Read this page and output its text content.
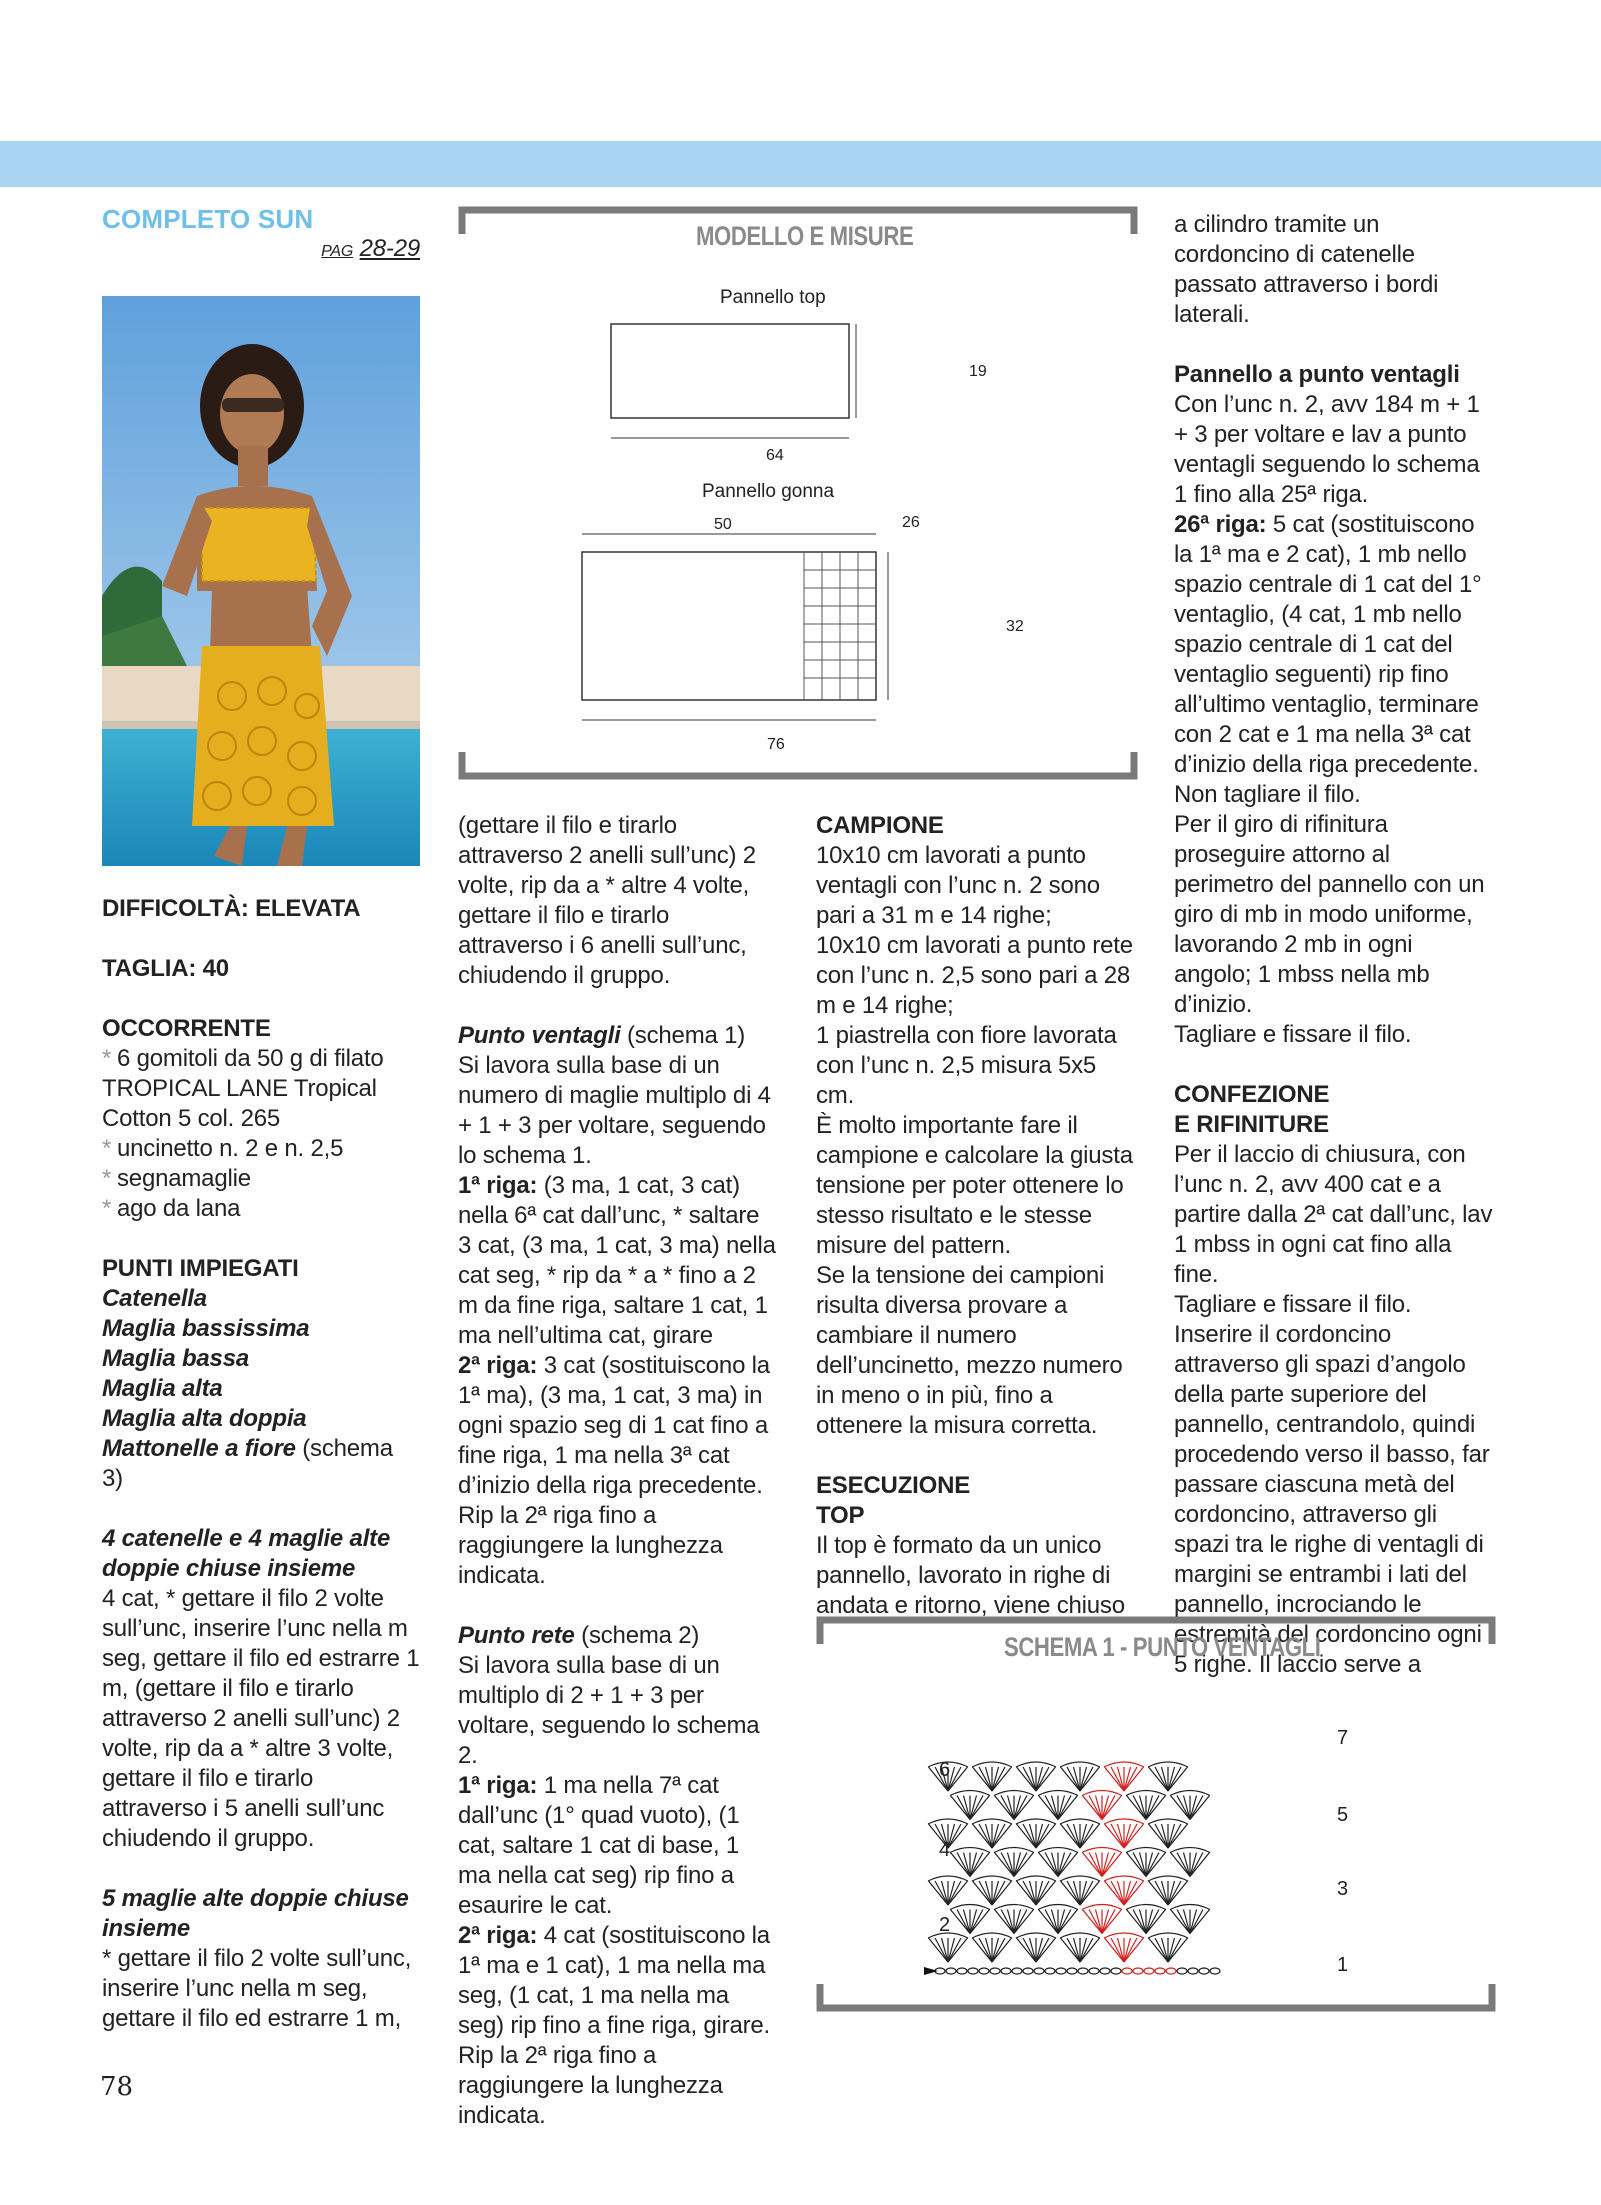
COMPLETO SUN
PAG 28-29

DIFFICOLTÀ: ELEVATA

TAGLIA: 40

OCCORRENTE

* 6 gomitoli da 50 g di filato TROPICAL LANE Tropical Cotton 5 col. 265

* uncinetto n. 2 e n. 2,5

* segnamaglie

* ago da lana

PUNTI IMPIEGATI

Catenella

Maglia bassissima

Maglia bassa

Maglia alta

Maglia alta doppia

Mattonelle a fiore (schema 3)

4 catenelle e 4 maglie alte doppie chiuse insieme

4 cat, * gettare il filo 2 volte sull’unc, inserire l’unc nella m seg, gettare il filo ed estrarre 1 m, (gettare il filo e tirarlo attraverso 2 anelli sull’unc) 2 volte, rip da a * altre 3 volte, gettare il filo e tirarlo attraverso i 5 anelli sull’unc chiudendo il gruppo.

5 maglie alte doppie chiuse insieme

* gettare il filo 2 volte sull’unc, inserire l’unc nella m seg, gettare il filo ed estrarre 1 m,

MODELLO E MISURE
Pannello top
19
64
Pannello gonna
50	26
32
76

(gettare il filo e tirarlo attraverso 2 anelli sull’unc) 2 volte, rip da a * altre 4 volte, gettare il filo e tirarlo attraverso i 6 anelli sull’unc, chiudendo il gruppo.

Punto ventagli (schema 1)

Si lavora sulla base di un numero di maglie multiplo di 4 + 1 + 3 per voltare, seguendo lo schema 1.

1ª riga: (3 ma, 1 cat, 3 cat) nella 6ª cat dall’unc, * saltare 3 cat, (3 ma, 1 cat, 3 ma) nella cat seg, * rip da * a * fino a 2 m da fine riga, saltare 1 cat, 1 ma nell’ultima cat, girare

2ª riga: 3 cat (sostituiscono la 1ª ma), (3 ma, 1 cat, 3 ma) in ogni spazio seg di 1 cat fino a fine riga, 1 ma nella 3ª cat d’inizio della riga precedente.

Rip la 2ª riga fino a raggiungere la lunghezza indicata.

Punto rete (schema 2)

Si lavora sulla base di un multiplo di 2 + 1 + 3 per voltare, seguendo lo schema 2.

1ª riga: 1 ma nella 7ª cat dall’unc (1° quad vuoto), (1 cat, saltare 1 cat di base, 1 ma nella cat seg) rip fino a esaurire le cat.

2ª riga: 4 cat (sostituiscono la 1ª ma e 1 cat), 1 ma nella ma seg, (1 cat, 1 ma nella ma seg) rip fino a fine riga, girare.

Rip la 2ª riga fino a raggiungere la lunghezza indicata.

CAMPIONE

10x10 cm lavorati a punto ventagli con l’unc n. 2 sono pari a 31 m e 14 righe;

10x10 cm lavorati a punto rete con l’unc n. 2,5 sono pari a 28 m e 14 righe;

1 piastrella con fiore lavorata con l’unc n. 2,5 misura 5x5 cm.

È molto importante fare il campione e calcolare la giusta tensione per poter ottenere lo stesso risultato e le stesse misure del pattern.

Se la tensione dei campioni risulta diversa provare a cambiare il numero dell’uncinetto, mezzo numero in meno o in più, fino a ottenere la misura corretta.

ESECUZIONE

TOP

Il top è formato da un unico pannello, lavorato in righe di andata e ritorno, viene chiuso

a cilindro tramite un cordoncino di catenelle passato attraverso i bordi laterali.

Pannello a punto ventagli

Con l’unc n. 2, avv 184 m + 1 + 3 per voltare e lav a punto ventagli seguendo lo schema 1 fino alla 25ª riga.

26ª riga: 5 cat (sostituiscono la 1ª ma e 2 cat), 1 mb nello spazio centrale di 1 cat del 1° ventaglio, (4 cat, 1 mb nello spazio centrale di 1 cat del ventaglio seguenti) rip fino all’ultimo ventaglio, terminare con 2 cat e 1 ma nella 3ª cat d’inizio della riga precedente.

Non tagliare il filo.

Per il giro di rifinitura proseguire attorno al perimetro del pannello con un giro di mb in modo uniforme, lavorando 2 mb in ogni angolo; 1 mbss nella mb d’inizio.

Tagliare e fissare il filo.

CONFEZIONE

E RIFINITURE

Per il laccio di chiusura, con l’unc n. 2, avv 400 cat e a partire dalla 2ª cat dall’unc, lav 1 mbss in ogni cat fino alla fine.

Tagliare e fissare il filo.

Inserire il cordoncino attraverso gli spazi d’angolo della parte superiore del pannello, centrandolo, quindi procedendo verso il basso, far passare ciascuna metà del cordoncino, attraverso gli spazi tra le righe di ventagli di margini se entrambi i lati del pannello, incrociando le estremità del cordoncino ogni 5 righe. Il laccio serve a

SCHEMA 1 - PUNTO VENTAGLI
6
4
2
7
5
3
1
78
